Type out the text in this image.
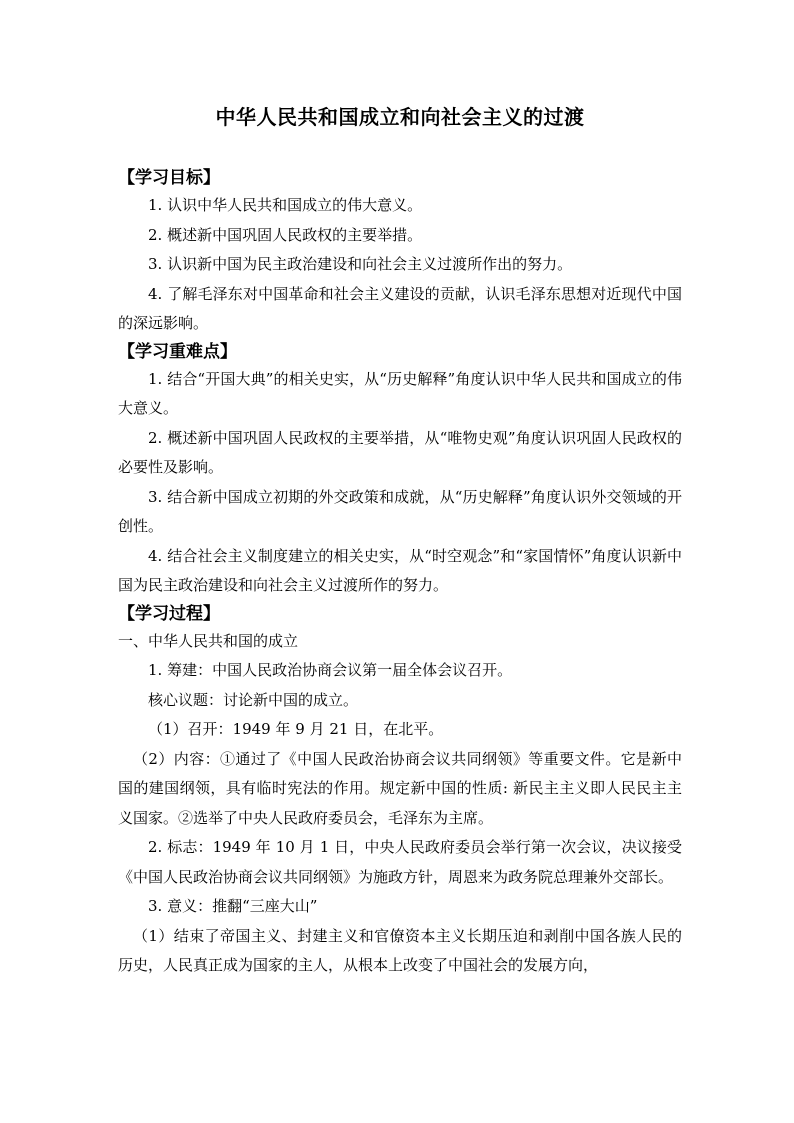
中华人民共和国成立和向社会主义的过渡

【学习目标】

1. 认识中华人民共和国成立的伟大意义。

2. 概述新中国巩固人民政权的主要举措。

3. 认识新中国为民主政治建设和向社会主义过渡所作出的努力。

4. 了解毛泽东对中国革命和社会主义建设的贡献，认识毛泽东思想对近现代中国的深远影响。

【学习重难点】

1. 结合“开国大典”的相关史实，从“历史解释”角度认识中华人民共和国成立的伟大意义。

2. 概述新中国巩固人民政权的主要举措，从“唯物史观”角度认识巩固人民政权的必要性及影响。

3. 结合新中国成立初期的外交政策和成就，从“历史解释”角度认识外交领域的开创性。

4. 结合社会主义制度建立的相关史实，从“时空观念”和“家国情怀”角度认识新中国为民主政治建设和向社会主义过渡所作的努力。

【学习过程】

一、中华人民共和国的成立

1. 筹建：中国人民政治协商会议第一届全体会议召开。

核心议题：讨论新中国的成立。

（1）召开：1949 年 9 月 21 日，在北平。

（2）内容：①通过了《中国人民政治协商会议共同纲领》等重要文件。它是新中国的建国纲领，具有临时宪法的作用。规定新中国的性质: 新民主主义即人民民主主义国家。②选举了中央人民政府委员会，毛泽东为主席。

2. 标志：1949 年 10 月 1 日，中央人民政府委员会举行第一次会议，决议接受《中国人民政治协商会议共同纲领》为施政方针，周恩来为政务院总理兼外交部长。

3. 意义：推翻“三座大山”

（1）结束了帝国主义、封建主义和官僚资本主义长期压迫和剥削中国各族人民的历史，人民真正成为国家的主人，从根本上改变了中国社会的发展方向，
